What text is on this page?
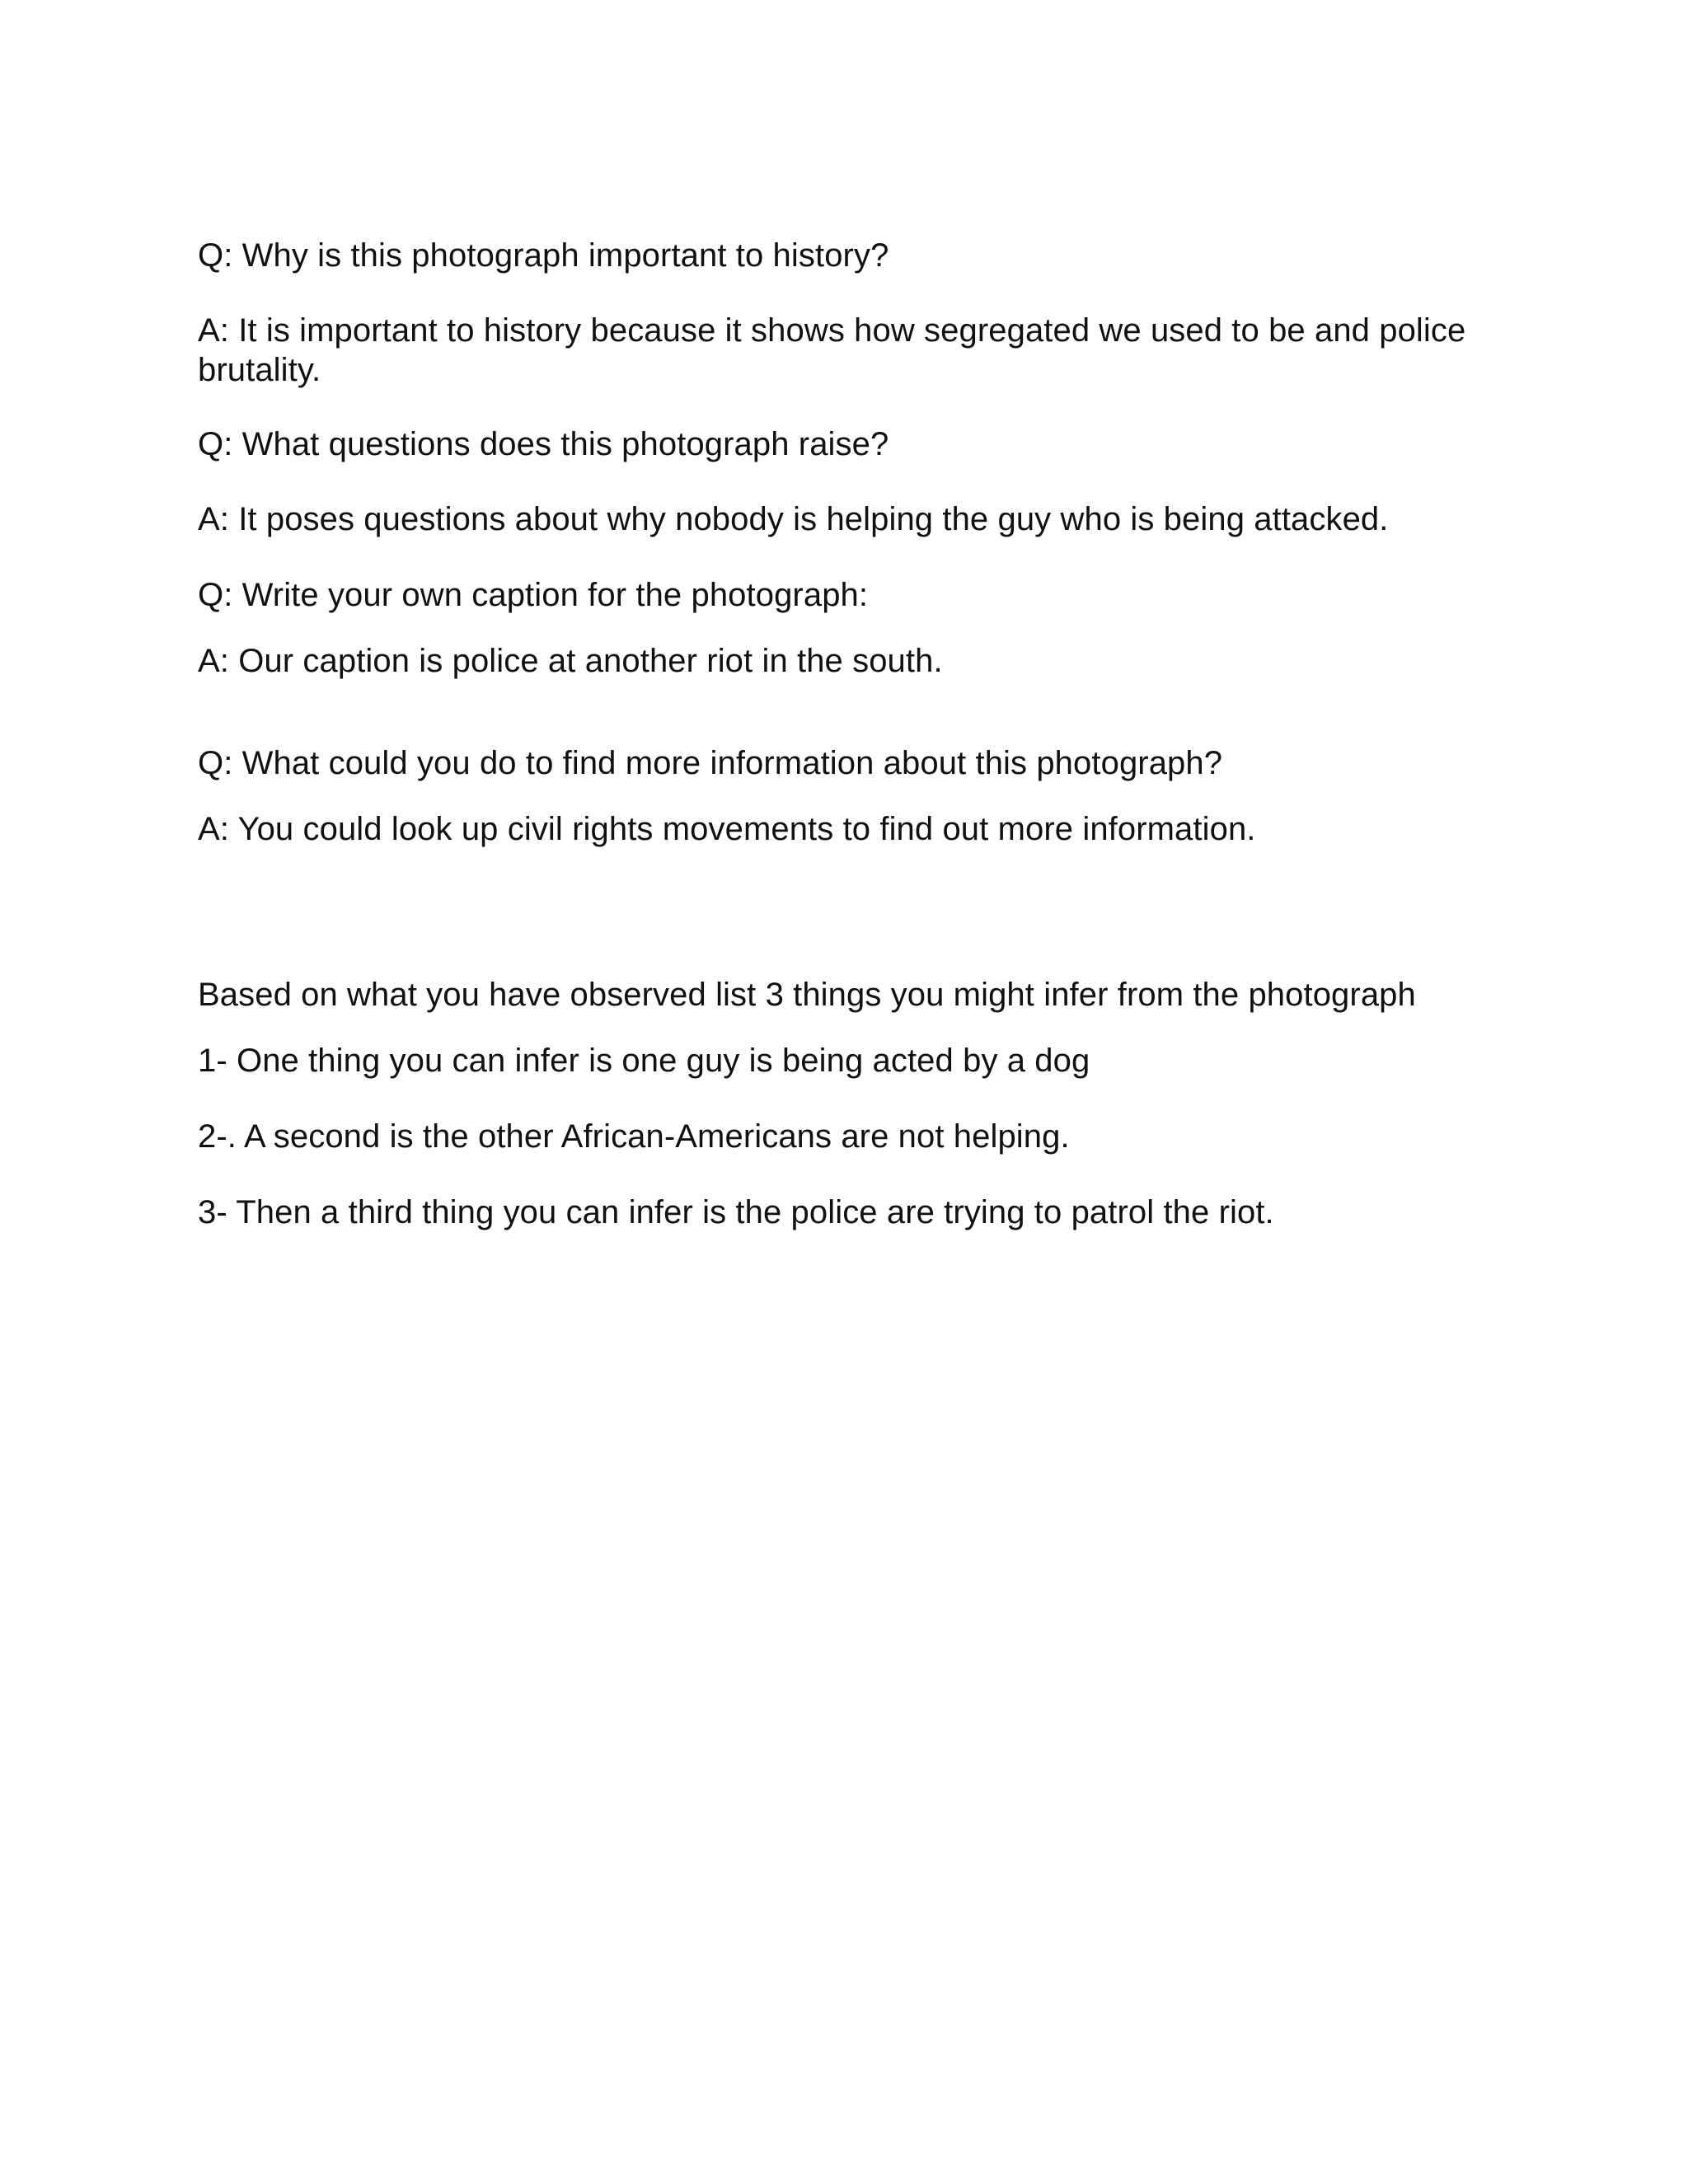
Q: Why is this photograph important to history?

A: It is important to history because it shows how segregated we used to be and police brutality.

Q: What questions does this photograph raise?

A: It poses questions about why nobody is helping the guy who is being attacked.

Q: Write your own caption for the photograph:

A: Our caption is police at another riot in the south.

Q: What could you do to find more information about this photograph?

A: You could look up civil rights movements to find out more information.

Based on what you have observed list 3 things you might infer from the photograph

1- One thing you can infer is one guy is being acted by a dog

2-. A second is the other African-Americans are not helping.

3- Then a third thing you can infer is the police are trying to patrol the riot.
